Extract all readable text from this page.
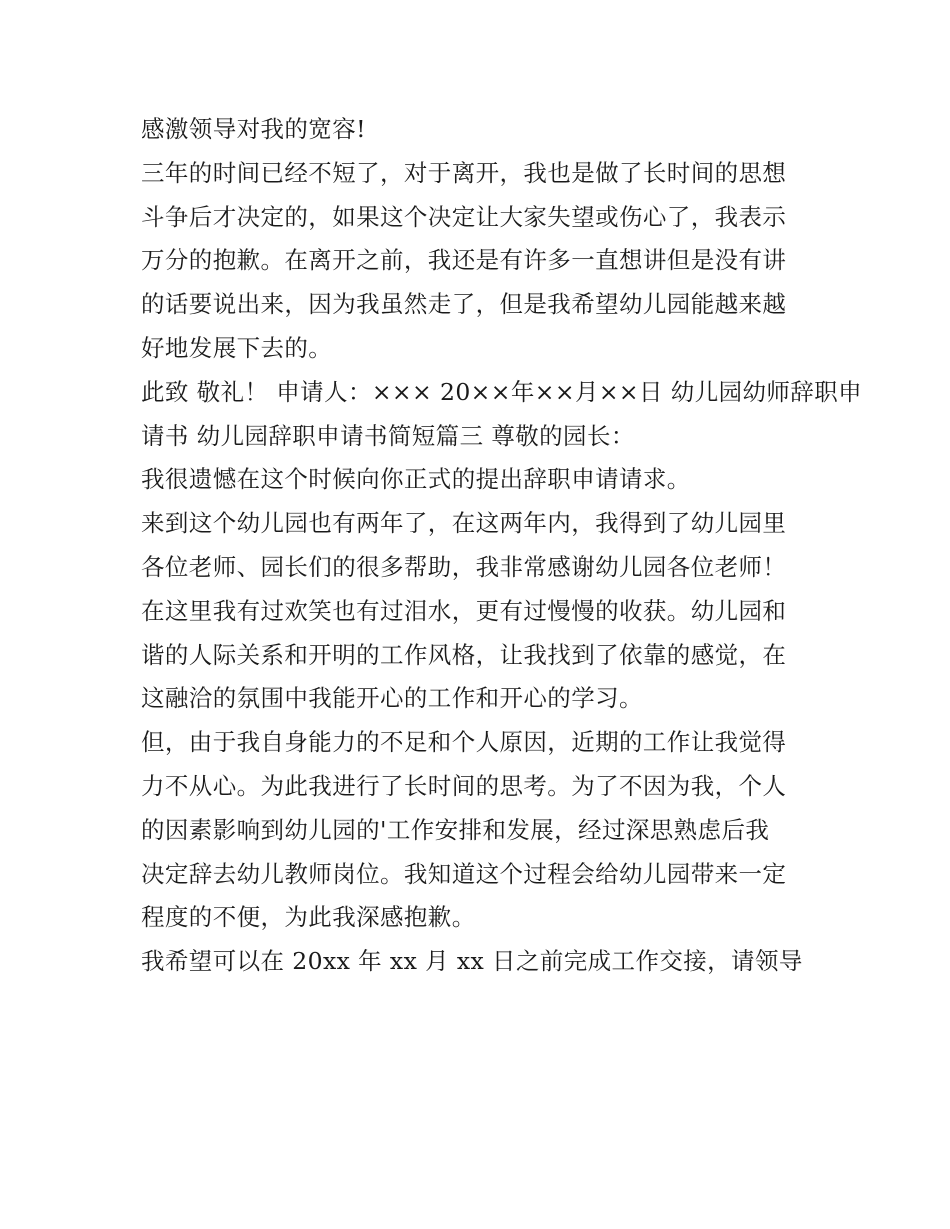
感激领导对我的宽容!

三年的时间已经不短了，对于离开，我也是做了长时间的思想
斗争后才决定的，如果这个决定让大家失望或伤心了，我表示
万分的抱歉。在离开之前，我还是有许多一直想讲但是没有讲
的话要说出来，因为我虽然走了，但是我希望幼儿园能越来越
好地发展下去的。

此致 敬礼！ 申请人：××× 20××年××月××日 幼儿园幼师辞职申
请书 幼儿园辞职申请书简短篇三 尊敬的园长：

我很遗憾在这个时候向你正式的提出辞职申请请求。

来到这个幼儿园也有两年了，在这两年内，我得到了幼儿园里
各位老师、园长们的很多帮助，我非常感谢幼儿园各位老师！
在这里我有过欢笑也有过泪水，更有过慢慢的收获。幼儿园和
谐的人际关系和开明的工作风格，让我找到了依靠的感觉，在
这融洽的氛围中我能开心的工作和开心的学习。

但，由于我自身能力的不足和个人原因，近期的工作让我觉得
力不从心。为此我进行了长时间的思考。为了不因为我，个人
的因素影响到幼儿园的'工作安排和发展，经过深思熟虑后我
决定辞去幼儿教师岗位。我知道这个过程会给幼儿园带来一定
程度的不便，为此我深感抱歉。

我希望可以在 20xx 年 xx 月 xx 日之前完成工作交接，请领导
